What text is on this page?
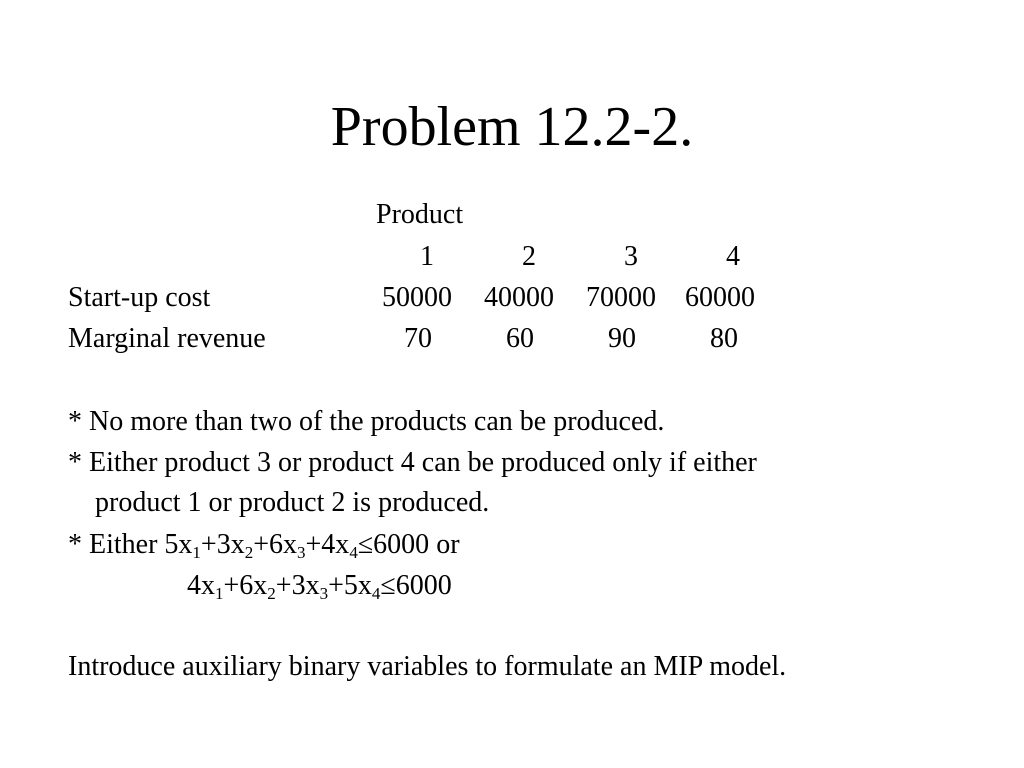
Problem 12.2-2.
Product
1	2	3	4
Start-up cost	50000	40000	70000	60000
Marginal revenue	70	60	90	80
* No more than two of the products can be produced.
* Either product 3 or product 4 can be produced only if either
product 1 or product 2 is produced.
* Either $5x_1+3x_2+6x_3+4x_4\le 6000$ or
$4x_1+6x_2+3x_3+5x_4\le 6000$
Introduce auxiliary binary variables to formulate an MIP model.
